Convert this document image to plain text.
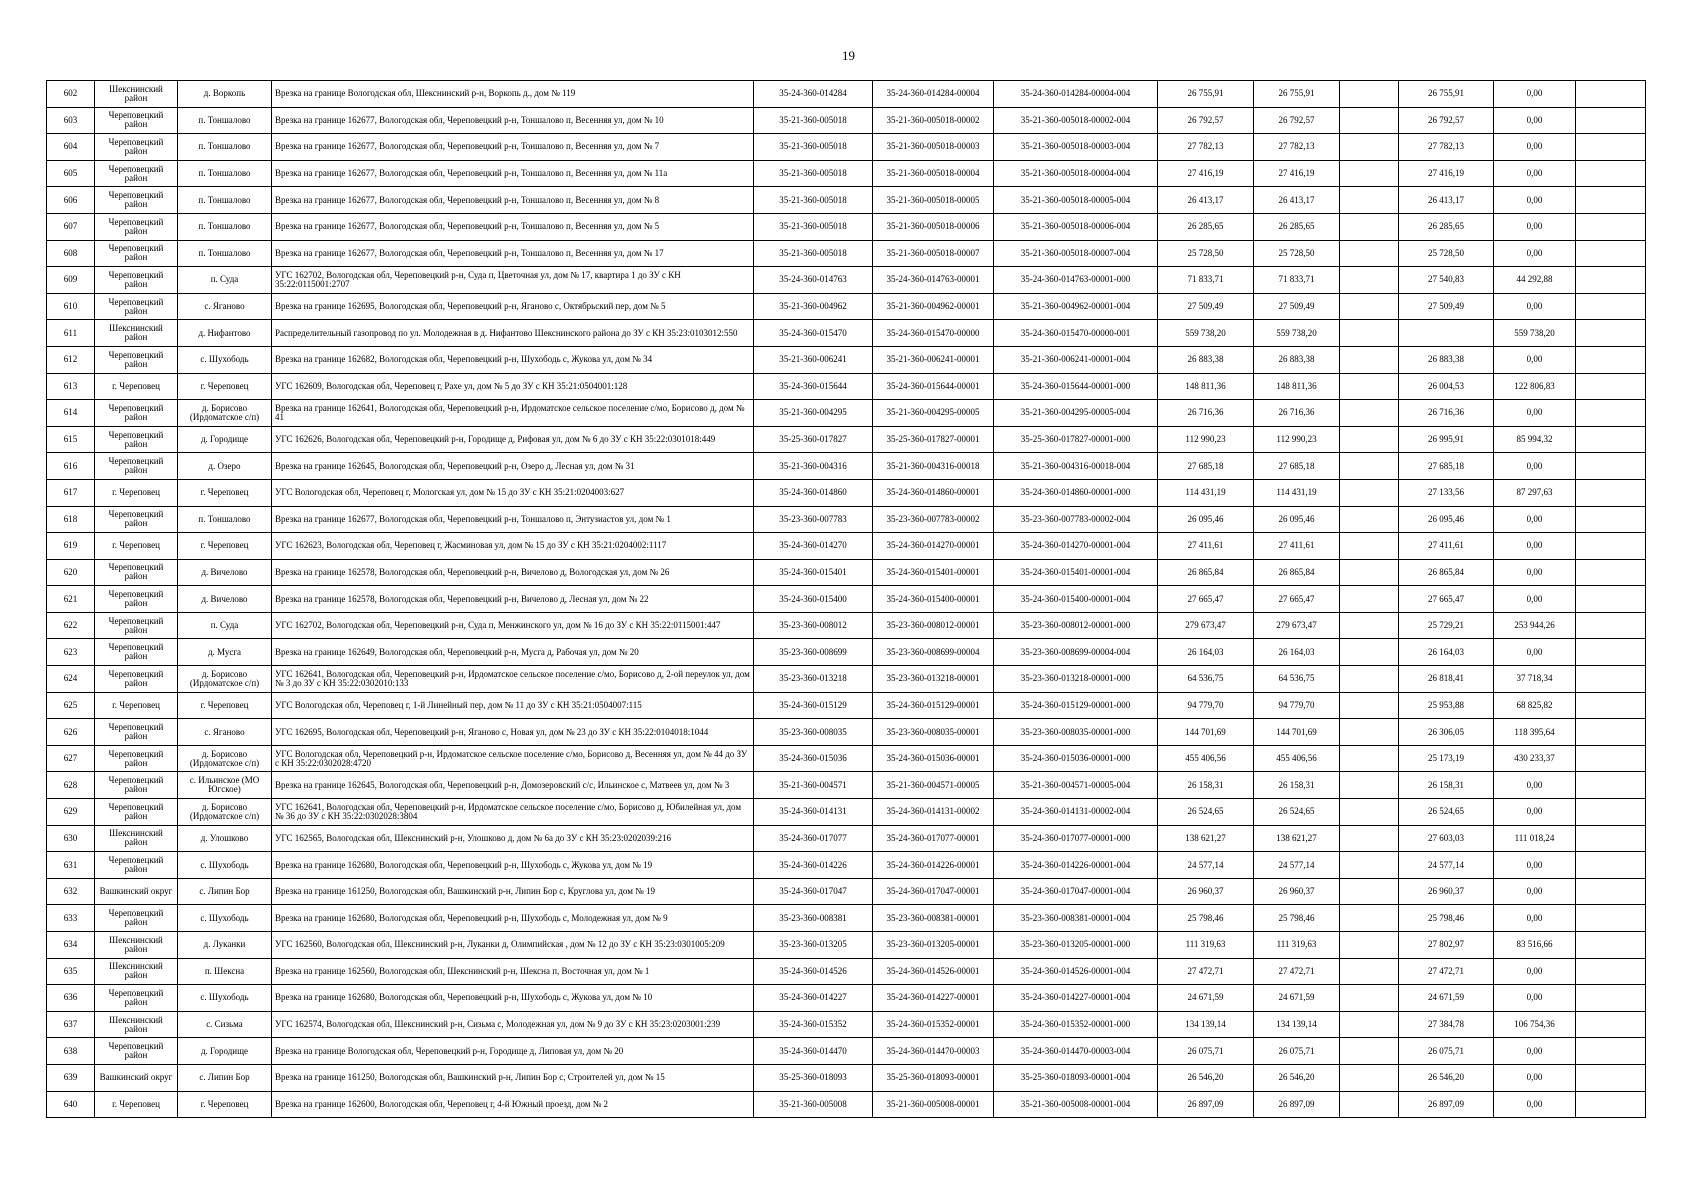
19
602	Шекснинский район	д. Воркопь	Врезка на границе Вологодская обл, Шекснинский р-н, Воркопь д., дом № 119	35-24-360-014284	35-24-360-014284-00004	35-24-360-014284-00004-004	26 755,91	26 755,91		26 755,91	0,00	
603	Череповецкий район	п. Тоншалово	Врезка на границе 162677, Вологодская обл, Череповецкий р-н, Тоншалово п, Весенняя ул, дом № 10	35-21-360-005018	35-21-360-005018-00002	35-21-360-005018-00002-004	26 792,57	26 792,57		26 792,57	0,00	
604	Череповецкий район	п. Тоншалово	Врезка на границе 162677, Вологодская обл, Череповецкий р-н, Тоншалово п, Весенняя ул, дом № 7	35-21-360-005018	35-21-360-005018-00003	35-21-360-005018-00003-004	27 782,13	27 782,13		27 782,13	0,00	
605	Череповецкий район	п. Тоншалово	Врезка на границе 162677, Вологодская обл, Череповецкий р-н, Тоншалово п, Весенняя ул, дом № 11а	35-21-360-005018	35-21-360-005018-00004	35-21-360-005018-00004-004	27 416,19	27 416,19		27 416,19	0,00	
606	Череповецкий район	п. Тоншалово	Врезка на границе 162677, Вологодская обл, Череповецкий р-н, Тоншалово п, Весенняя ул, дом № 8	35-21-360-005018	35-21-360-005018-00005	35-21-360-005018-00005-004	26 413,17	26 413,17		26 413,17	0,00	
607	Череповецкий район	п. Тоншалово	Врезка на границе 162677, Вологодская обл, Череповецкий р-н, Тоншалово п, Весенняя ул, дом № 5	35-21-360-005018	35-21-360-005018-00006	35-21-360-005018-00006-004	26 285,65	26 285,65		26 285,65	0,00	
608	Череповецкий район	п. Тоншалово	Врезка на границе 162677, Вологодская обл, Череповецкий р-н, Тоншалово п, Весенняя ул, дом № 17	35-21-360-005018	35-21-360-005018-00007	35-21-360-005018-00007-004	25 728,50	25 728,50		25 728,50	0,00	
609	Череповецкий район	п. Суда	УГС 162702, Вологодская обл, Череповецкий р-н, Суда п, Цветочная ул, дом № 17, квартира 1 до ЗУ с КН 35:22:0115001:2707	35-24-360-014763	35-24-360-014763-00001	35-24-360-014763-00001-000	71 833,71	71 833,71		27 540,83	44 292,88	
610	Череповецкий район	с. Яганово	Врезка на границе 162695, Вологодская обл, Череповецкий р-н, Яганово с, Октябрьский пер, дом № 5	35-21-360-004962	35-21-360-004962-00001	35-21-360-004962-00001-004	27 509,49	27 509,49		27 509,49	0,00	
611	Шекснинский район	д. Нифантово	Распределительный газопровод по ул. Молодежная в д. Нифантово Шекснинского района до ЗУ с КН 35:23:0103012:550	35-24-360-015470	35-24-360-015470-00000	35-24-360-015470-00000-001	559 738,20	559 738,20			559 738,20	
612	Череповецкий район	с. Шухободь	Врезка на границе 162682, Вологодская обл, Череповецкий р-н, Шухободь с, Жукова ул, дом № 34	35-21-360-006241	35-21-360-006241-00001	35-21-360-006241-00001-004	26 883,38	26 883,38		26 883,38	0,00	
613	г. Череповец	г. Череповец	УГС 162609, Вологодская обл, Череповец г, Рахе ул, дом № 5 до ЗУ с КН 35:21:0504001:128	35-24-360-015644	35-24-360-015644-00001	35-24-360-015644-00001-000	148 811,36	148 811,36		26 004,53	122 806,83	
614	Череповецкий район	д. Борисово (Ирдоматское с/п)	Врезка на границе 162641, Вологодская обл, Череповецкий р-н, Ирдоматское сельское поселение с/мо, Борисово д, дом № 41	35-21-360-004295	35-21-360-004295-00005	35-21-360-004295-00005-004	26 716,36	26 716,36		26 716,36	0,00	
615	Череповецкий район	д. Городище	УГС 162626, Вологодская обл, Череповецкий р-н, Городище д, Рифовая ул, дом № 6 до ЗУ с КН 35:22:0301018:449	35-25-360-017827	35-25-360-017827-00001	35-25-360-017827-00001-000	112 990,23	112 990,23		26 995,91	85 994,32	
616	Череповецкий район	д. Озеро	Врезка на границе 162645, Вологодская обл, Череповецкий р-н, Озеро д, Лесная ул, дом № 31	35-21-360-004316	35-21-360-004316-00018	35-21-360-004316-00018-004	27 685,18	27 685,18		27 685,18	0,00	
617	г. Череповец	г. Череповец	УГС Вологодская обл, Череповец г, Мологская ул, дом № 15 до ЗУ с КН 35:21:0204003:627	35-24-360-014860	35-24-360-014860-00001	35-24-360-014860-00001-000	114 431,19	114 431,19		27 133,56	87 297,63	
618	Череповецкий район	п. Тоншалово	Врезка на границе 162677, Вологодская обл, Череповецкий р-н, Тоншалово п, Энтузиастов ул, дом № 1	35-23-360-007783	35-23-360-007783-00002	35-23-360-007783-00002-004	26 095,46	26 095,46		26 095,46	0,00	
619	г. Череповец	г. Череповец	УГС 162623, Вологодская обл, Череповец г, Жасминовая ул, дом № 15 до ЗУ с КН 35:21:0204002:1117	35-24-360-014270	35-24-360-014270-00001	35-24-360-014270-00001-004	27 411,61	27 411,61		27 411,61	0,00	
620	Череповецкий район	д. Вичелово	Врезка на границе 162578, Вологодская обл, Череповецкий р-н, Вичелово д, Вологодская ул, дом № 26	35-24-360-015401	35-24-360-015401-00001	35-24-360-015401-00001-004	26 865,84	26 865,84		26 865,84	0,00	
621	Череповецкий район	д. Вичелово	Врезка на границе 162578, Вологодская обл, Череповецкий р-н, Вичелово д, Лесная ул, дом № 22	35-24-360-015400	35-24-360-015400-00001	35-24-360-015400-00001-004	27 665,47	27 665,47		27 665,47	0,00	
622	Череповецкий район	п. Суда	УГС 162702, Вологодская обл, Череповецкий р-н, Суда п, Менжинского ул, дом № 16 до ЗУ с КН 35:22:0115001:447	35-23-360-008012	35-23-360-008012-00001	35-23-360-008012-00001-000	279 673,47	279 673,47		25 729,21	253 944,26	
623	Череповецкий район	д. Мусга	Врезка на границе 162649, Вологодская обл, Череповецкий р-н, Мусга д, Рабочая ул, дом № 20	35-23-360-008699	35-23-360-008699-00004	35-23-360-008699-00004-004	26 164,03	26 164,03		26 164,03	0,00	
624	Череповецкий район	д. Борисово (Ирдоматское с/п)	УГС 162641, Вологодская обл, Череповецкий р-н, Ирдоматское сельское поселение с/мо, Борисово д, 2-ой переулок ул, дом № 3 до ЗУ с КН 35:22:0302010:133	35-23-360-013218	35-23-360-013218-00001	35-23-360-013218-00001-000	64 536,75	64 536,75		26 818,41	37 718,34	
625	г. Череповец	г. Череповец	УГС Вологодская обл, Череповец г, 1-й Линейный пер, дом № 11 до ЗУ с КН 35:21:0504007:115	35-24-360-015129	35-24-360-015129-00001	35-24-360-015129-00001-000	94 779,70	94 779,70		25 953,88	68 825,82	
626	Череповецкий район	с. Яганово	УГС 162695, Вологодская обл, Череповецкий р-н, Яганово с, Новая ул, дом № 23 до ЗУ с КН 35:22:0104018:1044	35-23-360-008035	35-23-360-008035-00001	35-23-360-008035-00001-000	144 701,69	144 701,69		26 306,05	118 395,64	
627	Череповецкий район	д. Борисово (Ирдоматское с/п)	УГС Вологодская обл, Череповецкий р-н, Ирдоматское сельское поселение с/мо, Борисово д, Весенняя ул, дом № 44 до ЗУ с КН 35:22:0302028:4720	35-24-360-015036	35-24-360-015036-00001	35-24-360-015036-00001-000	455 406,56	455 406,56		25 173,19	430 233,37	
628	Череповецкий район	с. Ильинское (МО Югское)	Врезка на границе 162645, Вологодская обл, Череповецкий р-н, Домозеровский с/с, Ильинское с, Матвеев ул, дом № 3	35-21-360-004571	35-21-360-004571-00005	35-21-360-004571-00005-004	26 158,31	26 158,31		26 158,31	0,00	
629	Череповецкий район	д. Борисово (Ирдоматское с/п)	УГС 162641, Вологодская обл, Череповецкий р-н, Ирдоматское сельское поселение с/мо, Борисово д, Юбилейная ул, дом № 36 до ЗУ с КН 35:22:0302028:3804	35-24-360-014131	35-24-360-014131-00002	35-24-360-014131-00002-004	26 524,65	26 524,65		26 524,65	0,00	
630	Шекснинский район	д. Улошково	УГС 162565, Вологодская обл, Шекснинский р-н, Улошково д, дом № 6а до ЗУ с КН 35:23:0202039:216	35-24-360-017077	35-24-360-017077-00001	35-24-360-017077-00001-000	138 621,27	138 621,27		27 603,03	111 018,24	
631	Череповецкий район	с. Шухободь	Врезка на границе 162680, Вологодская обл, Череповецкий р-н, Шухободь с, Жукова ул, дом № 19	35-24-360-014226	35-24-360-014226-00001	35-24-360-014226-00001-004	24 577,14	24 577,14		24 577,14	0,00	
632	Вашкинский округ	с. Липин Бор	Врезка на границе 161250, Вологодская обл, Вашкинский р-н, Липин Бор с, Круглова ул, дом № 19	35-24-360-017047	35-24-360-017047-00001	35-24-360-017047-00001-004	26 960,37	26 960,37		26 960,37	0,00	
633	Череповецкий район	с. Шухободь	Врезка на границе 162680, Вологодская обл, Череповецкий р-н, Шухободь с, Молодежная ул, дом № 9	35-23-360-008381	35-23-360-008381-00001	35-23-360-008381-00001-004	25 798,46	25 798,46		25 798,46	0,00	
634	Шекснинский район	д. Луканки	УГС 162560, Вологодская обл, Шекснинский р-н, Луканки д, Олимпийская , дом № 12 до ЗУ с КН 35:23:0301005:209	35-23-360-013205	35-23-360-013205-00001	35-23-360-013205-00001-000	111 319,63	111 319,63		27 802,97	83 516,66	
635	Шекснинский район	п. Шексна	Врезка на границе 162560, Вологодская обл, Шекснинский р-н, Шексна п, Восточная ул, дом № 1	35-24-360-014526	35-24-360-014526-00001	35-24-360-014526-00001-004	27 472,71	27 472,71		27 472,71	0,00	
636	Череповецкий район	с. Шухободь	Врезка на границе 162680, Вологодская обл, Череповецкий р-н, Шухободь с, Жукова ул, дом № 10	35-24-360-014227	35-24-360-014227-00001	35-24-360-014227-00001-004	24 671,59	24 671,59		24 671,59	0,00	
637	Шекснинский район	с. Сизьма	УГС 162574, Вологодская обл, Шекснинский р-н, Сизьма с, Молодежная ул, дом № 9 до ЗУ с КН 35:23:0203001:239	35-24-360-015352	35-24-360-015352-00001	35-24-360-015352-00001-000	134 139,14	134 139,14		27 384,78	106 754,36	
638	Череповецкий район	д. Городище	Врезка на границе Вологодская обл, Череповецкий р-н, Городище д, Липовая ул, дом № 20	35-24-360-014470	35-24-360-014470-00003	35-24-360-014470-00003-004	26 075,71	26 075,71		26 075,71	0,00	
639	Вашкинский округ	с. Липин Бор	Врезка на границе 161250, Вологодская обл, Вашкинский р-н, Липин Бор с, Строителей ул, дом № 15	35-25-360-018093	35-25-360-018093-00001	35-25-360-018093-00001-004	26 546,20	26 546,20		26 546,20	0,00	
640	г. Череповец	г. Череповец	Врезка на границе 162600, Вологодская обл, Череповец г, 4-й Южный проезд, дом № 2	35-21-360-005008	35-21-360-005008-00001	35-21-360-005008-00001-004	26 897,09	26 897,09		26 897,09	0,00	
